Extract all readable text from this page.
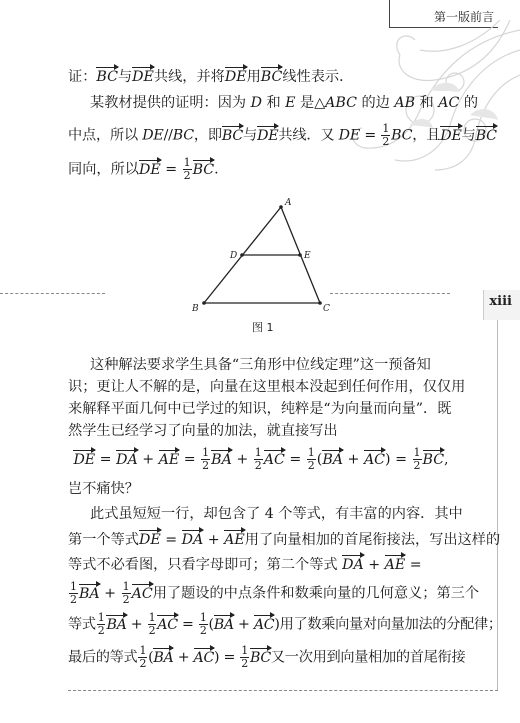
第一版前言
xiii
证：BC与DE共线，并将DE用BC线性表示．
某教材提供的证明：因为 D 和 E 是△ABC 的边 AB 和 AC 的
中点，所以 DE//BC，即BC与DE共线．又 DE = $\frac{1}{2}$ BC，且DE与BC
同向，所以DE = $\frac{1}{2}$ BC.
A
B	C
D	E
图 1
这种解法要求学生具备“三角形中位线定理”这一预备知
识；更让人不解的是，向量在这里根本没起到任何作用，仅仅用
来解释平面几何中已学过的知识，纯粹是“为向量而向量”．既
然学生已经学习了向量的加法，就直接写出
DE = DA + AE = $\frac{1}{2}$ BA + $\frac{1}{2}$ AC = $\frac{1}{2} (BA + AC) = \frac{1}{2}$ BC,
岂不痛快？
此式虽短短一行，却包含了 4 个等式，有丰富的内容．其中
第一个等式DE = DA + AE用了向量相加的首尾衔接法，写出这样的
等式不必看图，只看字母即可；第二个等式 DA + AE =
$\frac{1}{2}$ BA + $\frac{1}{2}$ AC用了题设的中点条件和数乘向量的几何意义；第三个
等式 $\frac{1}{2}$ BA + $\frac{1}{2}$ AC = $\frac{1}{2} (BA + AC)$用了数乘向量对向量加法的分配律；
最后的等式 $\frac{1}{2} (BA + AC) = \frac{1}{2}$ BC又一次用到向量相加的首尾衔接
